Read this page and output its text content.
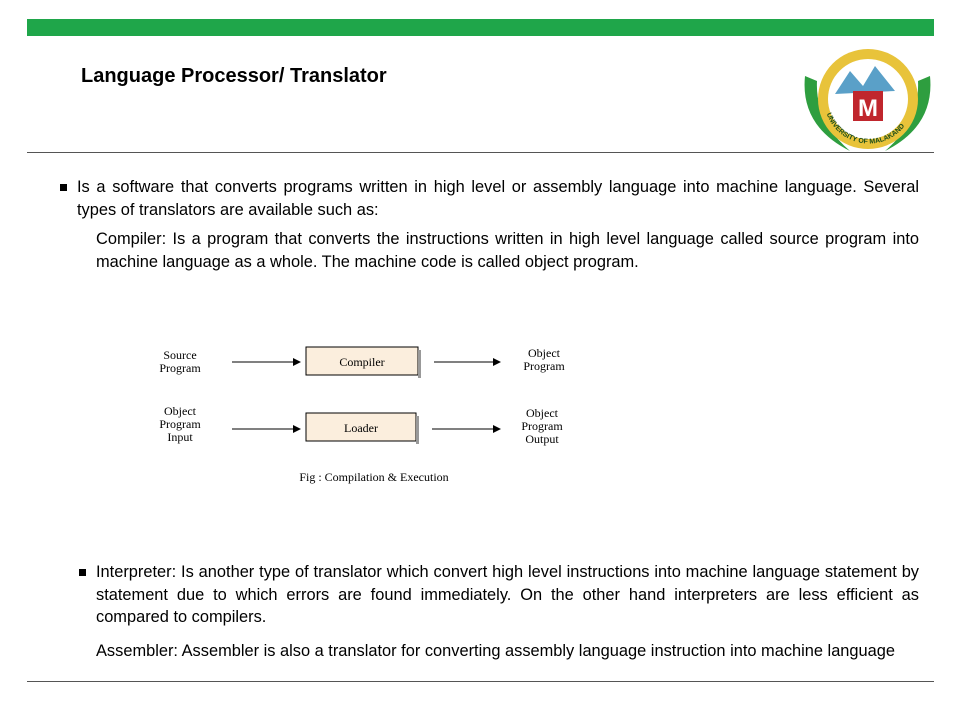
Language Processor/ Translator
M
UNIVERSITY OF MALAKAND
Is a software that converts programs written in high level or assembly language into machine language. Several types of translators are available such as:
Compiler: Is a program that converts the instructions written in high level language called source program into machine language as a whole. The machine code is called object program.
Source
Program	Compiler
Object
Program
Object
Program
Input
Loader
Object
Program
Output
Fig : Compilation & Execution
Interpreter: Is another type of translator which convert high level instructions into machine language statement by statement due to which errors are found immediately. On the other hand interpreters are less efficient as compared to compilers.
Assembler: Assembler is also a translator for converting assembly language instruction into machine language
